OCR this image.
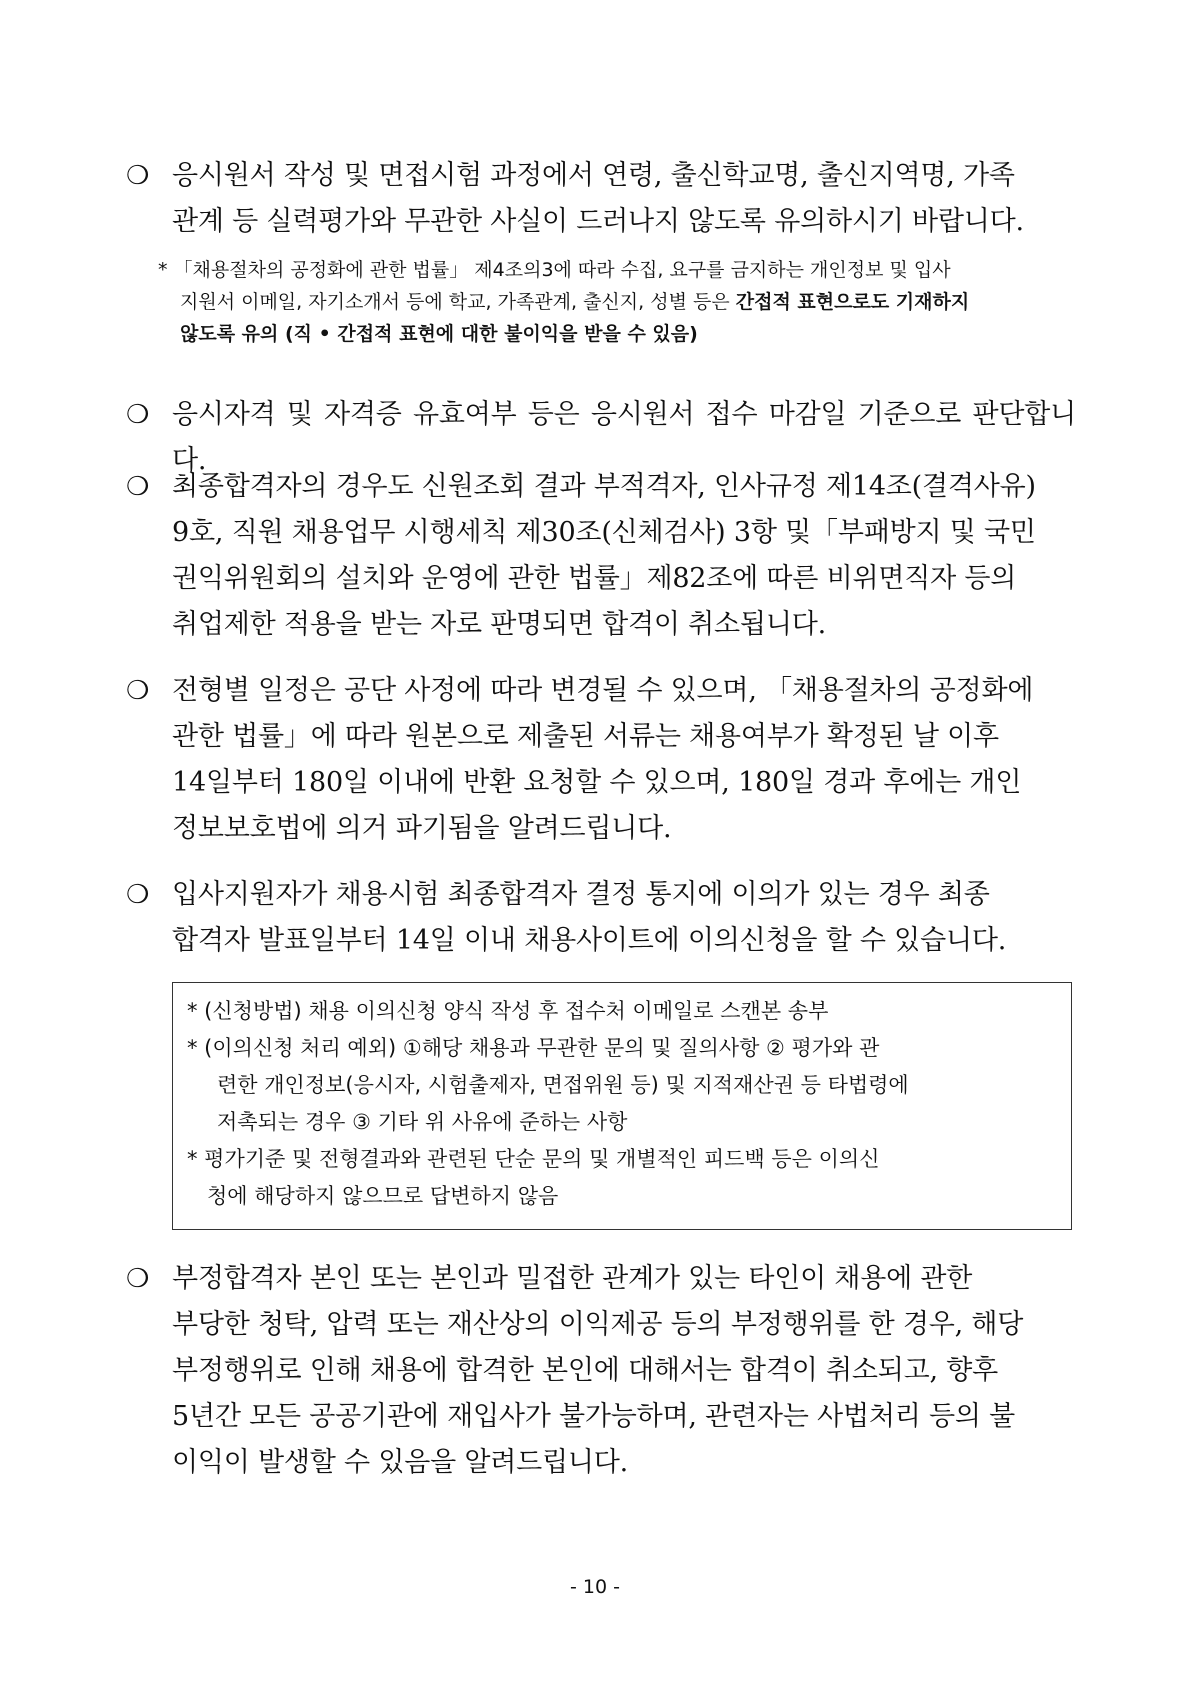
❍ 응시원서 작성 및 면접시험 과정에서 연령, 출신학교명, 출신지역명, 가족
관계 등 실력평가와 무관한 사실이 드러나지 않도록 유의하시기 바랍니다.
* 「채용절차의 공정화에 관한 법률」 제4조의3에 따라 수집, 요구를 금지하는 개인정보 및 입사
지원서 이메일, 자기소개서 등에 학교, 가족관계, 출신지, 성별 등은 간접적 표현으로도 기재하지
않도록 유의 (직 • 간접적 표현에 대한 불이익을 받을 수 있음)
❍ 응시자격 및 자격증 유효여부 등은 응시원서 접수 마감일 기준으로 판단합니다.
❍ 최종합격자의 경우도 신원조회 결과 부적격자, 인사규정 제14조(결격사유)
9호, 직원 채용업무 시행세칙 제30조(신체검사) 3항 및「부패방지 및 국민
권익위원회의 설치와 운영에 관한 법률」제82조에 따른 비위면직자 등의
취업제한 적용을 받는 자로 판명되면 합격이 취소됩니다.
❍ 전형별 일정은 공단 사정에 따라 변경될 수 있으며, 「채용절차의 공정화에
관한 법률」에 따라 원본으로 제출된 서류는 채용여부가 확정된 날 이후
14일부터 180일 이내에 반환 요청할 수 있으며, 180일 경과 후에는 개인
정보보호법에 의거 파기됨을 알려드립니다.
❍ 입사지원자가 채용시험 최종합격자 결정 통지에 이의가 있는 경우 최종
합격자 발표일부터 14일 이내 채용사이트에 이의신청을 할 수 있습니다.
* (신청방법) 채용 이의신청 양식 작성 후 접수처 이메일로 스캔본 송부
* (이의신청 처리 예외) ①해당 채용과 무관한 문의 및 질의사항 ② 평가와 관
련한 개인정보(응시자, 시험출제자, 면접위원 등) 및 지적재산권 등 타법령에
저촉되는 경우 ③ 기타 위 사유에 준하는 사항
* 평가기준 및 전형결과와 관련된 단순 문의 및 개별적인 피드백 등은 이의신
청에 해당하지 않으므로 답변하지 않음
❍ 부정합격자 본인 또는 본인과 밀접한 관계가 있는 타인이 채용에 관한
부당한 청탁, 압력 또는 재산상의 이익제공 등의 부정행위를 한 경우, 해당
부정행위로 인해 채용에 합격한 본인에 대해서는 합격이 취소되고, 향후
5년간 모든 공공기관에 재입사가 불가능하며, 관련자는 사법처리 등의 불
이익이 발생할 수 있음을 알려드립니다.
- 10 -
